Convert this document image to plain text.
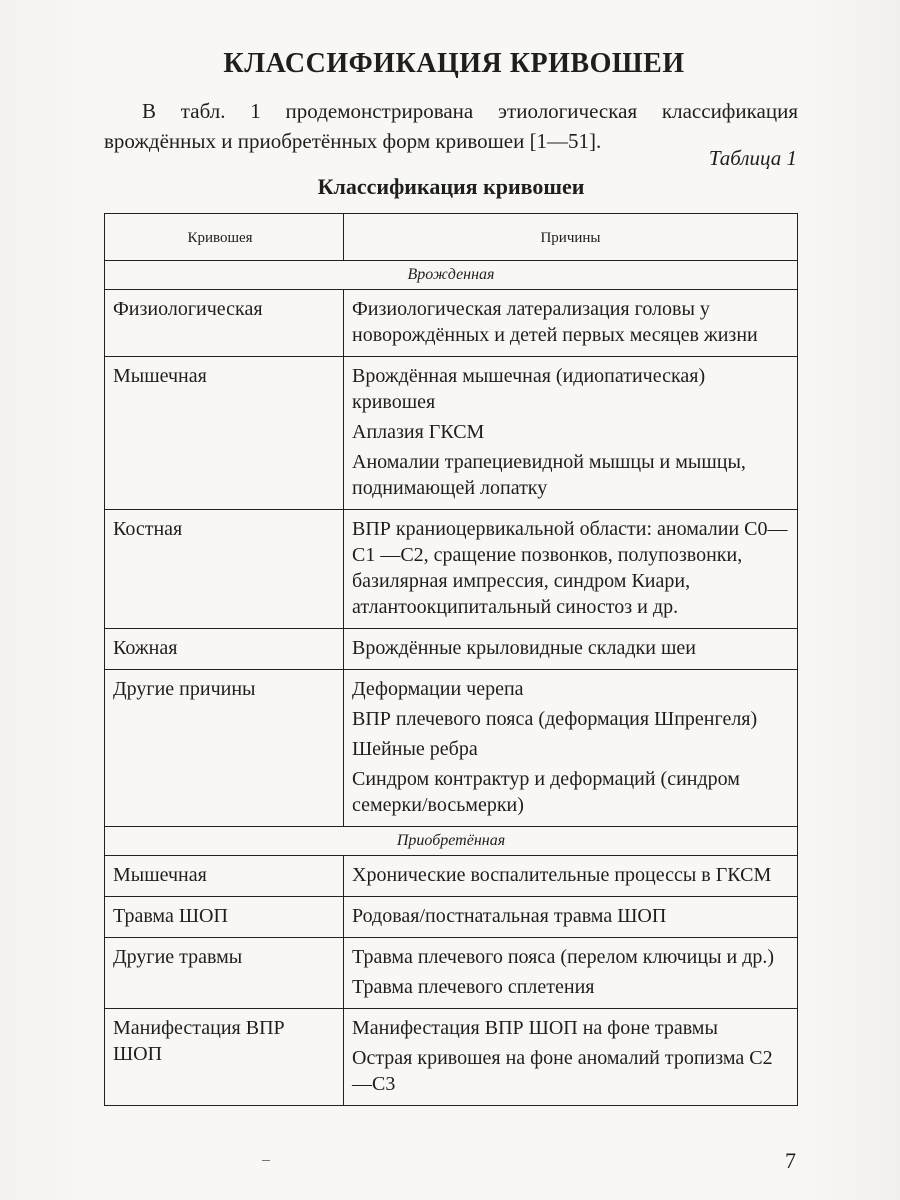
КЛАССИФИКАЦИЯ КРИВОШЕИ
В табл. 1 продемонстрирована этиологическая классификация врождённых и приобретённых форм кривошеи [1—51].
Таблица 1
Классификация кривошеи
Кривошея	Причины
Врожденная	
Физиологическая	Физиологическая латерализация головы у новорождённых и детей первых месяцев жизни

Мышечная	Врождённая мышечная (идиопатическая) кривошея
Аплазия ГКСМ
Аномалии трапециевидной мышцы и мышцы, поднимающей лопатку

Костная	ВПР краниоцервикальной области: аномалии С0—С1 —С2, сращение позвонков, полупозвонки, базилярная импрессия, синдром Киари, атлантоокципитальный синостоз и др.

Кожная	Врождённые крыловидные складки шеи

Другие причины	Деформации черепа
ВПР плечевого пояса (деформация Шпренгеля)
Шейные ребра
Синдром контрактур и деформаций (синдром семерки/восьмерки)

Приобретённая	
Мышечная	Хронические воспалительные процессы в ГКСМ

Травма ШОП	Родовая/постнатальная травма ШОП

Другие травмы	Травма плечевого пояса (перелом ключицы и др.)
Травма плечевого сплетения

Манифестация ВПР ШОП	Манифестация ВПР ШОП на фоне травмы
Острая кривошея на фоне аномалий тропизма С2—С3
7
